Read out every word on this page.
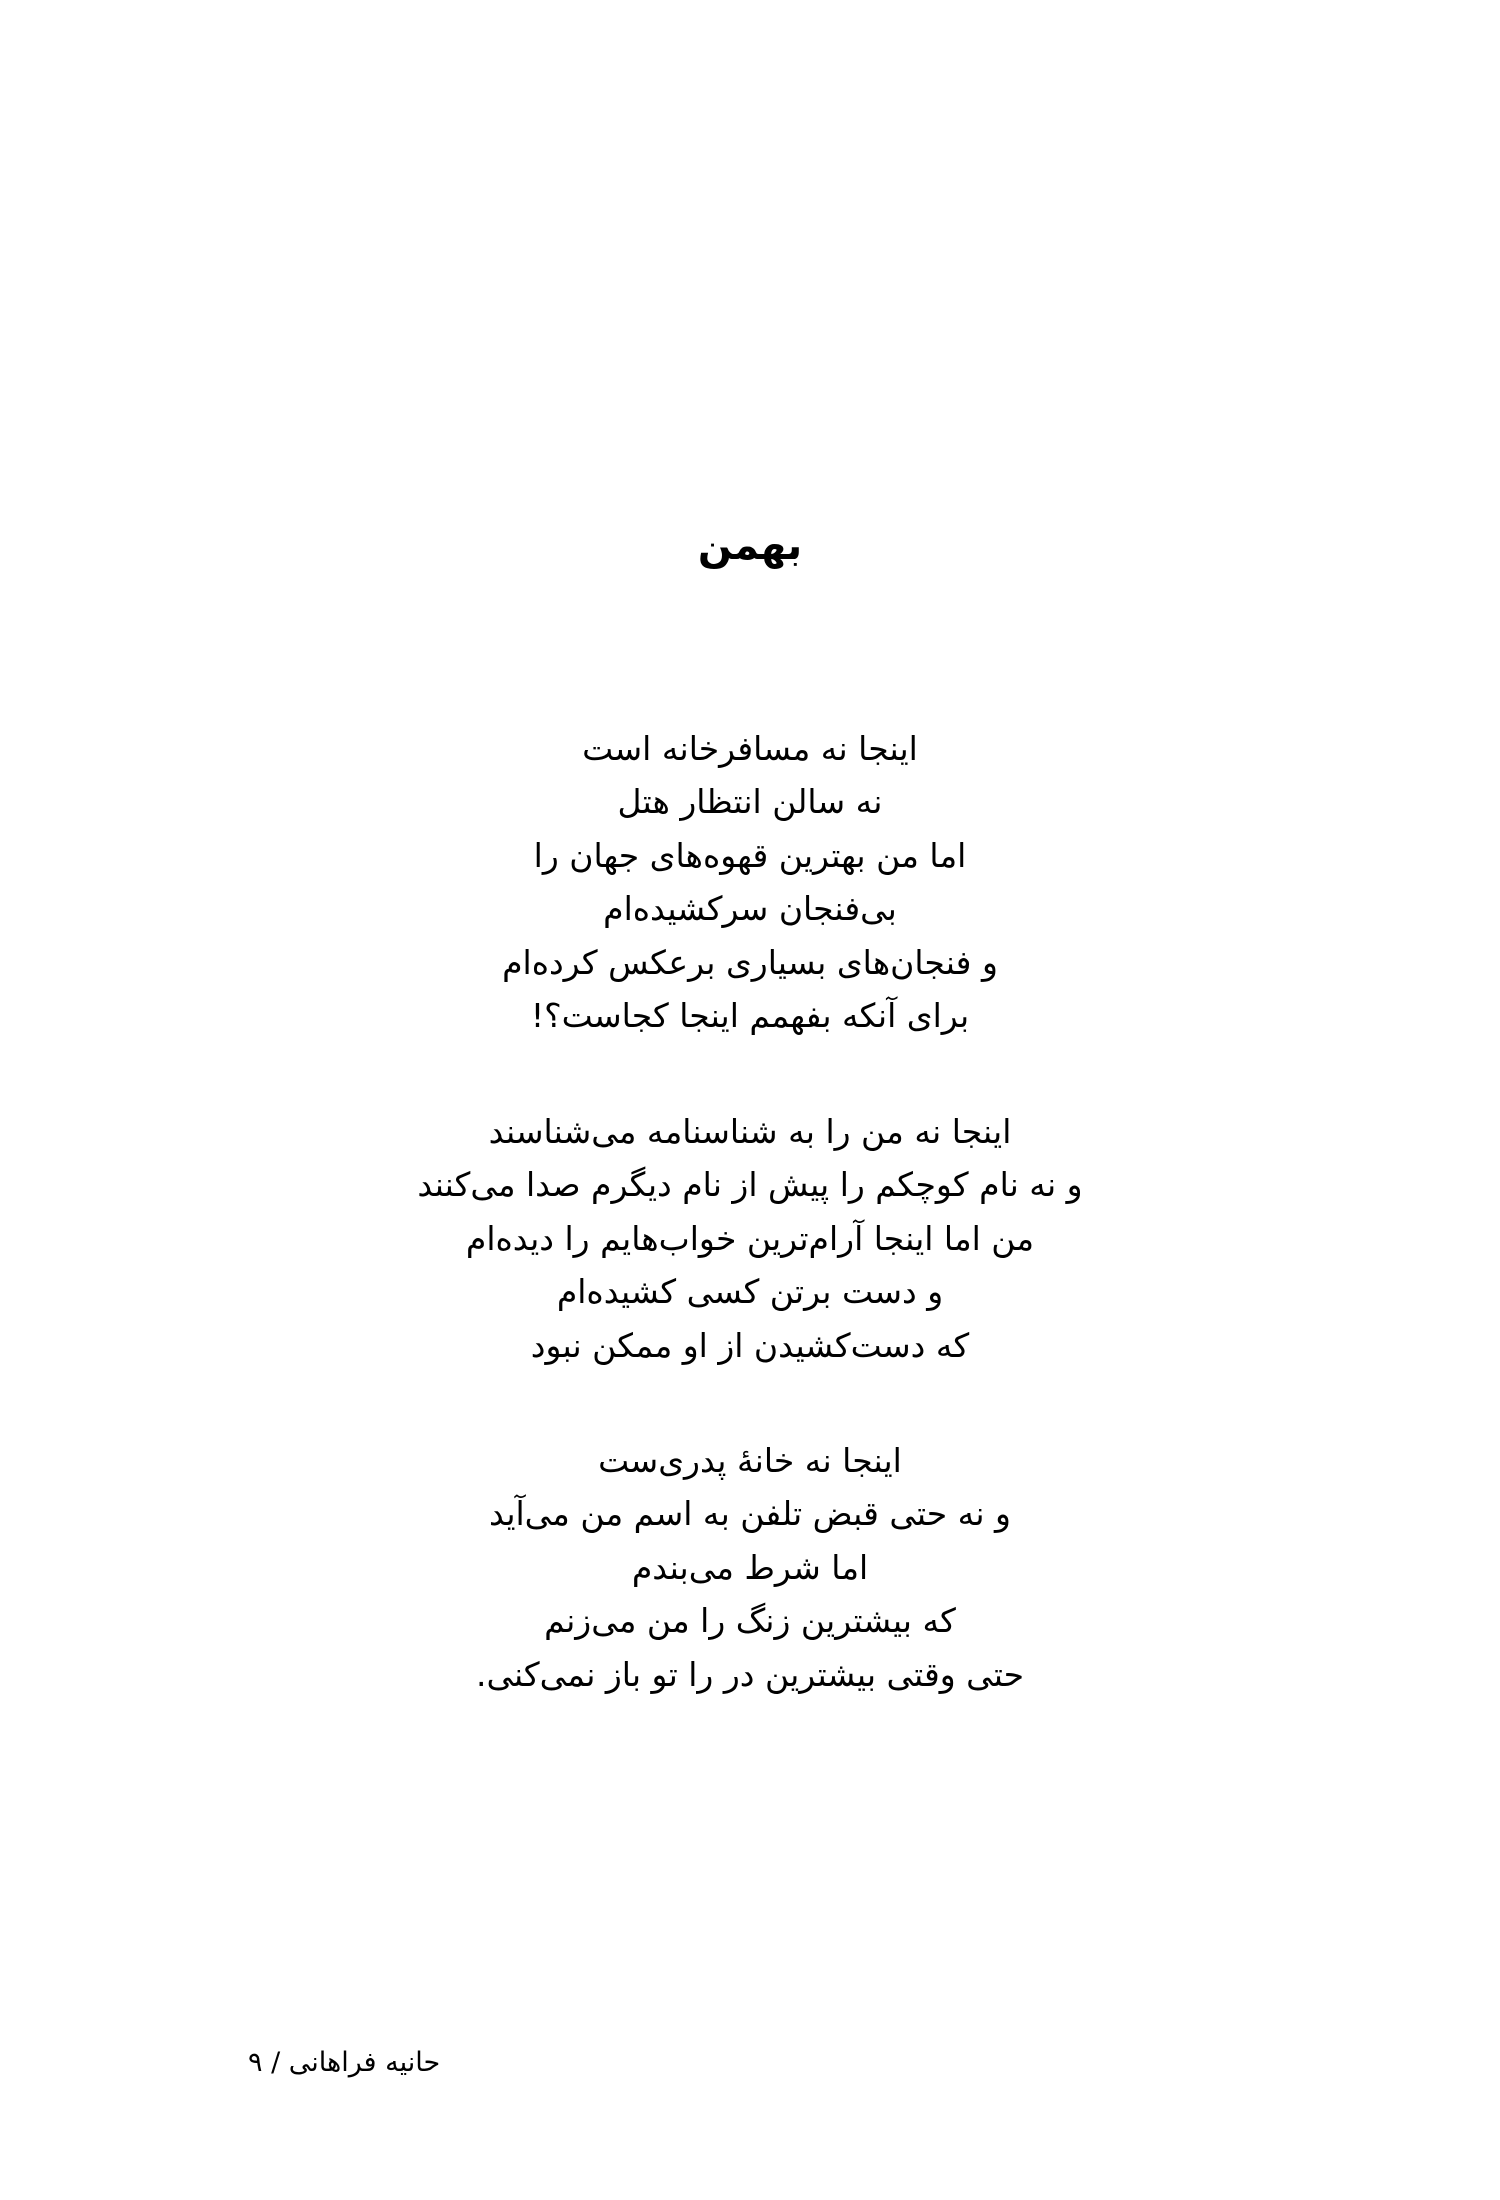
بهمن
اینجا نه مسافرخانه است
نه سالن انتظار هتل
اما من بهترین قهوه‌های جهان را
بی‌فنجان سرکشیده‌ام
و فنجان‌های بسیاری برعکس کرده‌ام
برای آنکه بفهمم اینجا کجاست؟!
اینجا نه من را به شناسنامه می‌شناسند
و نه نام کوچکم را پیش از نام دیگرم صدا می‌کنند
من اما اینجا آرام‌ترین خواب‌هایم را دیده‌ام
و دست برتن کسی کشیده‌ام
که دست‌کشیدن از او ممکن نبود
اینجا نه خانهٔ پدری‌ست
و نه حتی قبض تلفن به اسم من می‌آید
اما شرط می‌بندم
که بیشترین زنگ را من می‌زنم
حتی وقتی بیشترین در را تو باز نمی‌کنی.
حانیه فراهانی / ۹
